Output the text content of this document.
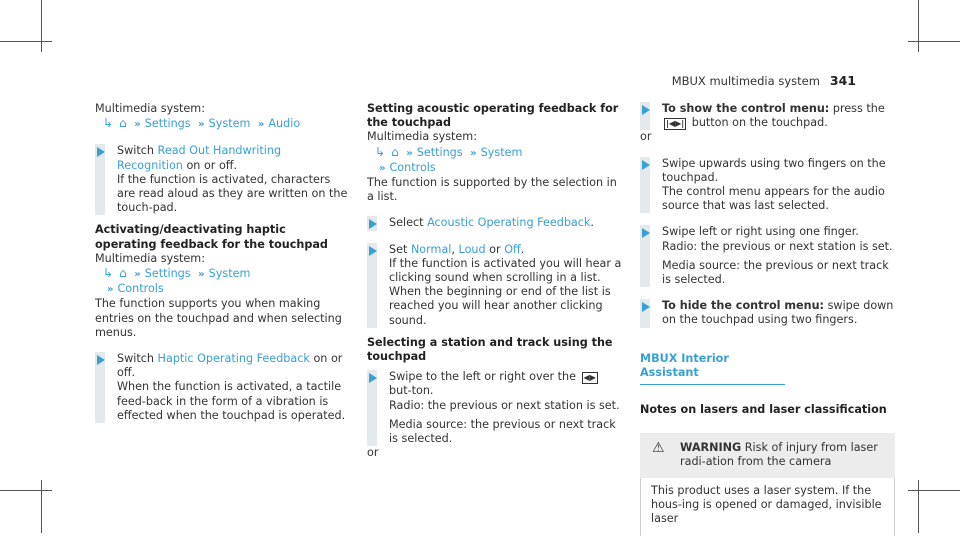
MBUX multimedia system 341

Multimedia system:

↳ ⌂ » Settings » System » Audio

Switch Read Out Handwriting Recognition on or off.

If the function is activated, characters are read aloud as they are written on the touch‑pad.

Activating/deactivating haptic operating feedback for the touchpad

Multimedia system:

↳ ⌂ » Settings » System

» Controls

The function supports you when making entries on the touchpad and when selecting menus.

Switch Haptic Operating Feedback on or off.

When the function is activated, a tactile feed‑back in the form of a vibration is effected when the touchpad is operated.

Setting acoustic operating feedback for the touchpad

Multimedia system:

↳ ⌂ » Settings » System

» Controls

The function is supported by the selection in a list.

Select Acoustic Operating Feedback.

Set Normal, Loud or Off.

If the function is activated you will hear a clicking sound when scrolling in a list. When the beginning or end of the list is reached you will hear another clicking sound.

Selecting a station and track using the touchpad

Swipe to the left or right over the ◀▶ but‑ton.

Radio: the previous or next station is set.

Media source: the previous or next track is selected.

or

To show the control menu: press the |◀▶| button on the touchpad.

or

Swipe upwards using two fingers on the touchpad.

The control menu appears for the audio source that was last selected.

Swipe left or right using one finger.

Radio: the previous or next station is set.

Media source: the previous or next track is selected.

To hide the control menu: swipe down on the touchpad using two fingers.

MBUX Interior Assistant

Notes on lasers and laser classification

⚠ WARNING Risk of injury from laser radi‑ation from the camera
This product uses a laser system. If the hous‑ing is opened or damaged, invisible laser
